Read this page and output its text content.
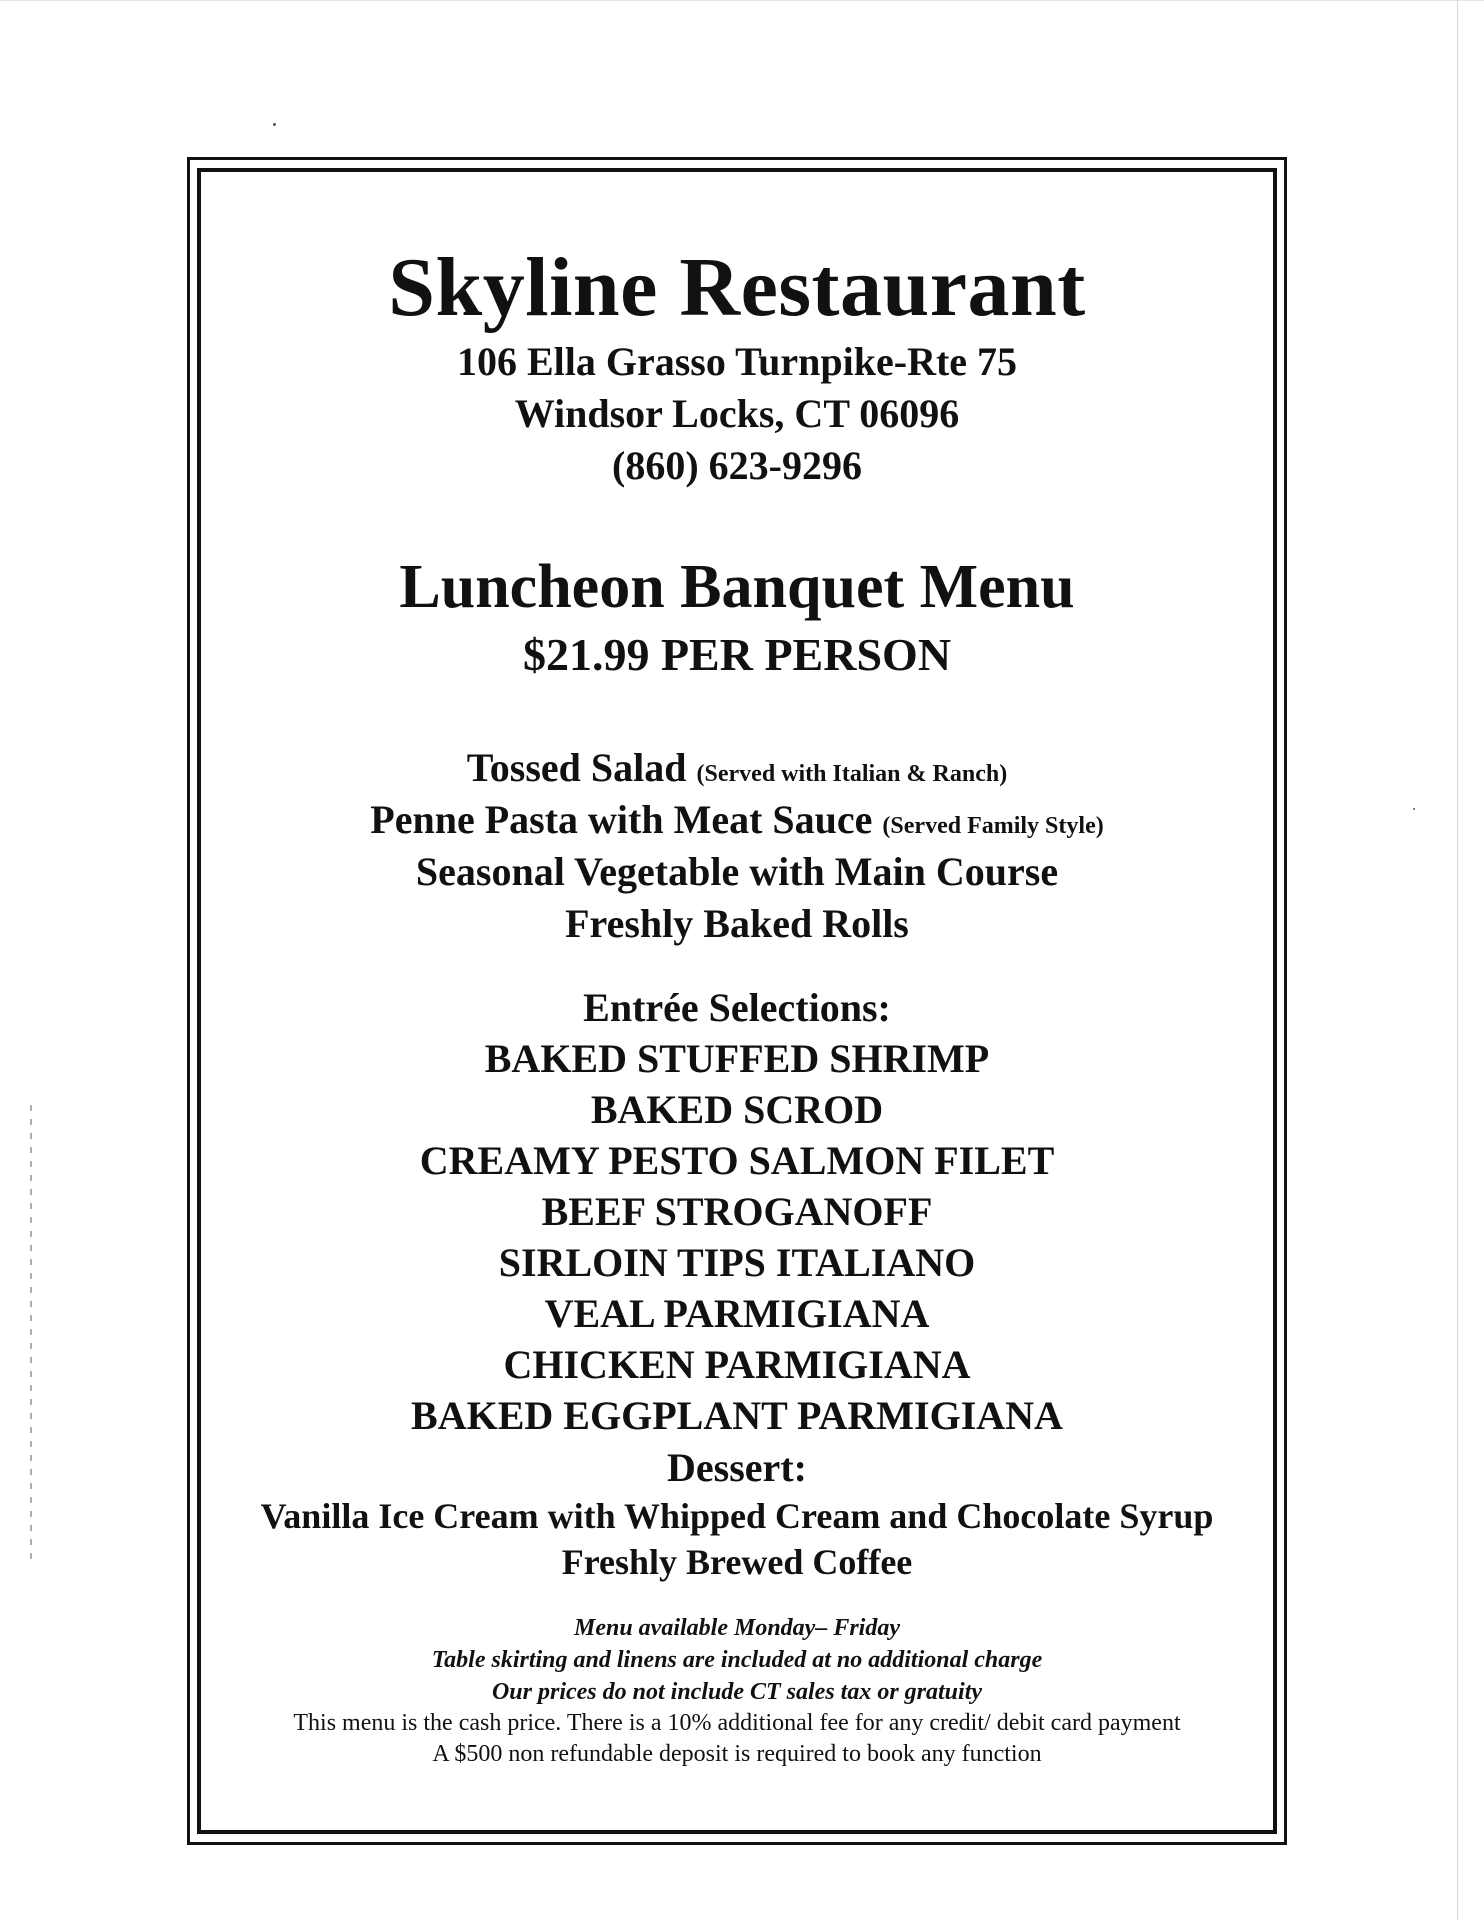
Skyline Restaurant
106 Ella Grasso Turnpike-Rte 75
Windsor Locks, CT 06096
(860) 623-9296
Luncheon Banquet Menu
$21.99 PER PERSON
Tossed Salad (Served with Italian & Ranch)
Penne Pasta with Meat Sauce (Served Family Style)
Seasonal Vegetable with Main Course
Freshly Baked Rolls
Entrée Selections:
BAKED STUFFED SHRIMP
BAKED SCROD
CREAMY PESTO SALMON FILET
BEEF STROGANOFF
SIRLOIN TIPS ITALIANO
VEAL PARMIGIANA
CHICKEN PARMIGIANA
BAKED EGGPLANT PARMIGIANA
Dessert:
Vanilla Ice Cream with Whipped Cream and Chocolate Syrup
Freshly Brewed Coffee
Menu available Monday– Friday
Table skirting and linens are included at no additional charge
Our prices do not include CT sales tax or gratuity
This menu is the cash price. There is a 10% additional fee for any credit/ debit card payment
A $500 non refundable deposit is required to book any function
